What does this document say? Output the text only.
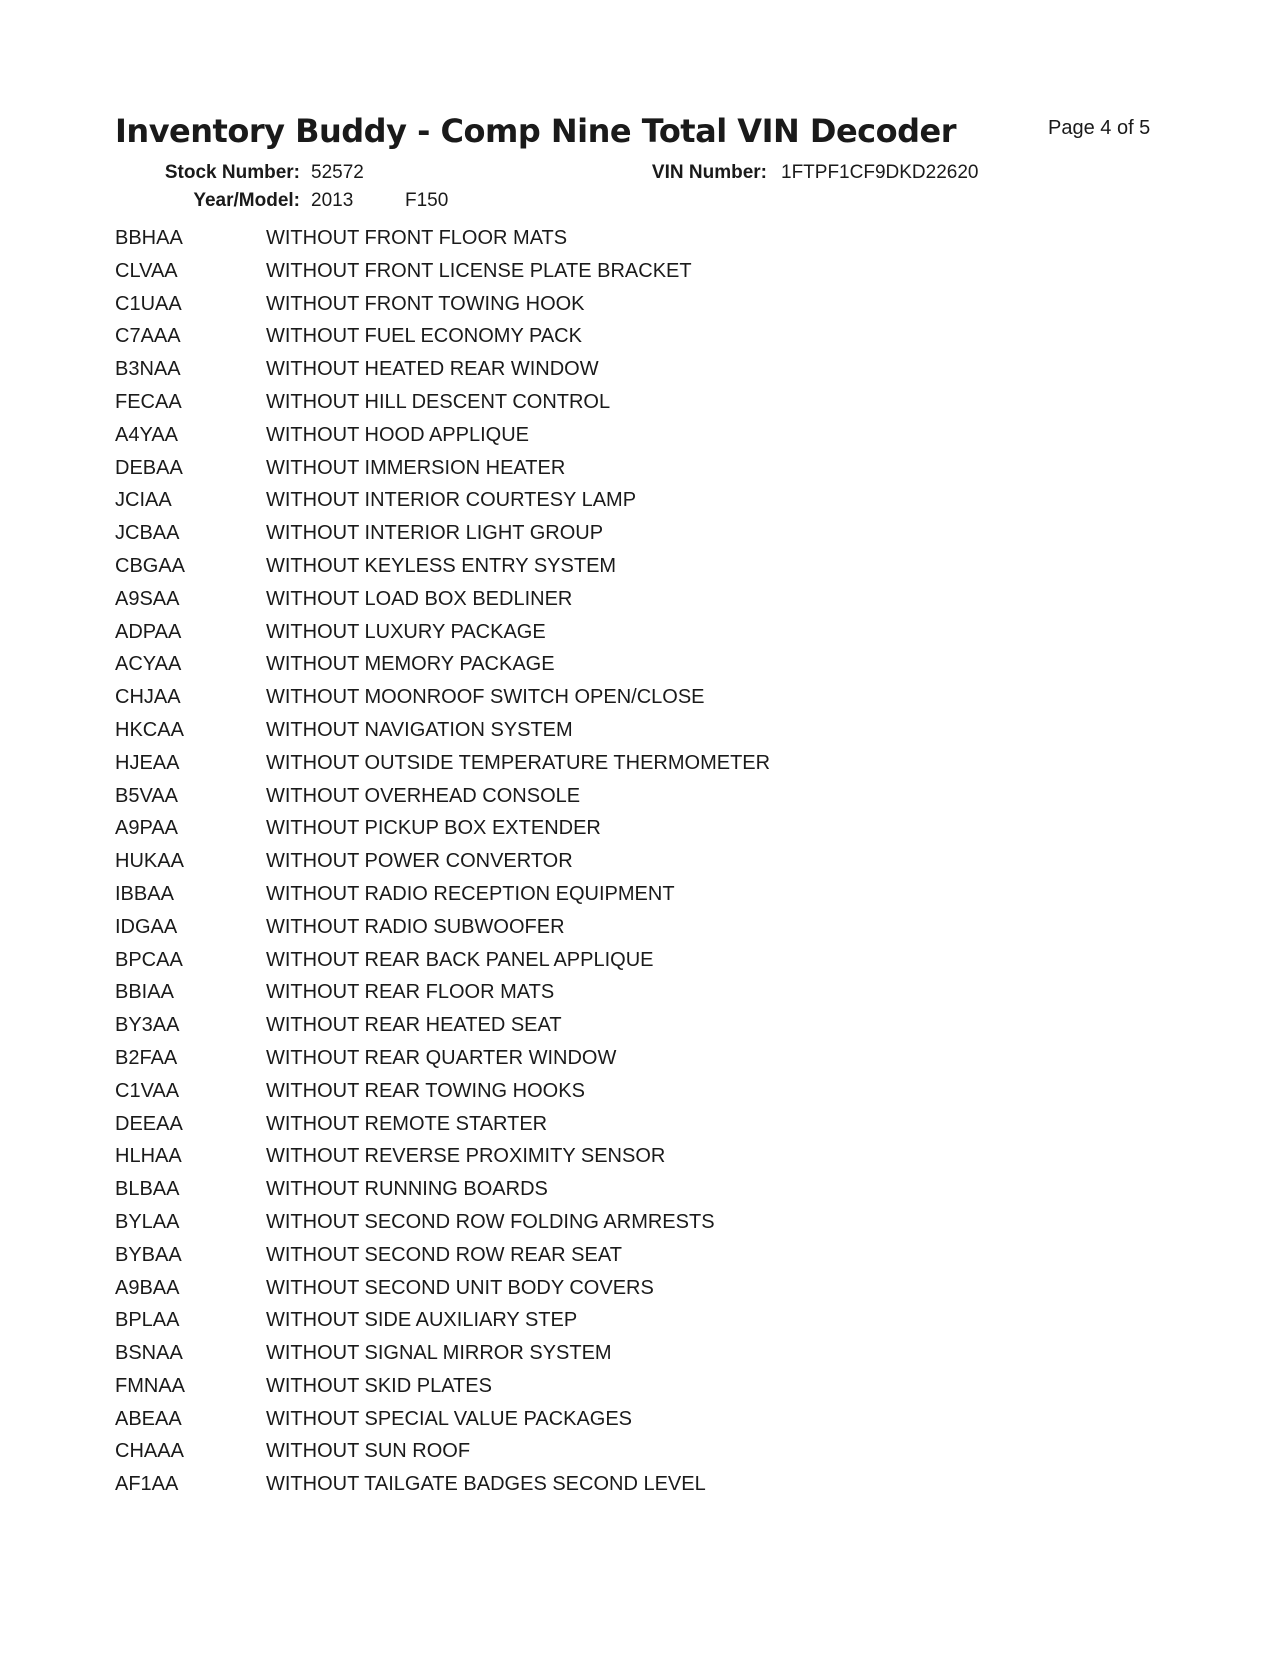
Inventory Buddy - Comp Nine Total VIN Decoder	Page 4 of 5
Stock Number: 52572	VIN Number: 1FTPF1CF9DKD22620
Year/Model: 2013	F150
BBHAA	WITHOUT FRONT FLOOR MATS
CLVAA	WITHOUT FRONT LICENSE PLATE BRACKET
C1UAA	WITHOUT FRONT TOWING HOOK
C7AAA	WITHOUT FUEL ECONOMY PACK
B3NAA	WITHOUT HEATED REAR WINDOW
FECAA	WITHOUT HILL DESCENT CONTROL
A4YAA	WITHOUT HOOD APPLIQUE
DEBAA	WITHOUT IMMERSION HEATER
JCIAA	WITHOUT INTERIOR COURTESY LAMP
JCBAA	WITHOUT INTERIOR LIGHT GROUP
CBGAA	WITHOUT KEYLESS ENTRY SYSTEM
A9SAA	WITHOUT LOAD BOX BEDLINER
ADPAA	WITHOUT LUXURY PACKAGE
ACYAA	WITHOUT MEMORY PACKAGE
CHJAA	WITHOUT MOONROOF SWITCH OPEN/CLOSE
HKCAA	WITHOUT NAVIGATION SYSTEM
HJEAA	WITHOUT OUTSIDE TEMPERATURE THERMOMETER
B5VAA	WITHOUT OVERHEAD CONSOLE
A9PAA	WITHOUT PICKUP BOX EXTENDER
HUKAA	WITHOUT POWER CONVERTOR
IBBAA	WITHOUT RADIO RECEPTION EQUIPMENT
IDGAA	WITHOUT RADIO SUBWOOFER
BPCAA	WITHOUT REAR BACK PANEL APPLIQUE
BBIAA	WITHOUT REAR FLOOR MATS
BY3AA	WITHOUT REAR HEATED SEAT
B2FAA	WITHOUT REAR QUARTER WINDOW
C1VAA	WITHOUT REAR TOWING HOOKS
DEEAA	WITHOUT REMOTE STARTER
HLHAA	WITHOUT REVERSE PROXIMITY SENSOR
BLBAA	WITHOUT RUNNING BOARDS
BYLAA	WITHOUT SECOND ROW FOLDING ARMRESTS
BYBAA	WITHOUT SECOND ROW REAR SEAT
A9BAA	WITHOUT SECOND UNIT BODY COVERS
BPLAA	WITHOUT SIDE AUXILIARY STEP
BSNAA	WITHOUT SIGNAL MIRROR SYSTEM
FMNAA	WITHOUT SKID PLATES
ABEAA	WITHOUT SPECIAL VALUE PACKAGES
CHAAA	WITHOUT SUN ROOF
AF1AA	WITHOUT TAILGATE BADGES SECOND LEVEL
